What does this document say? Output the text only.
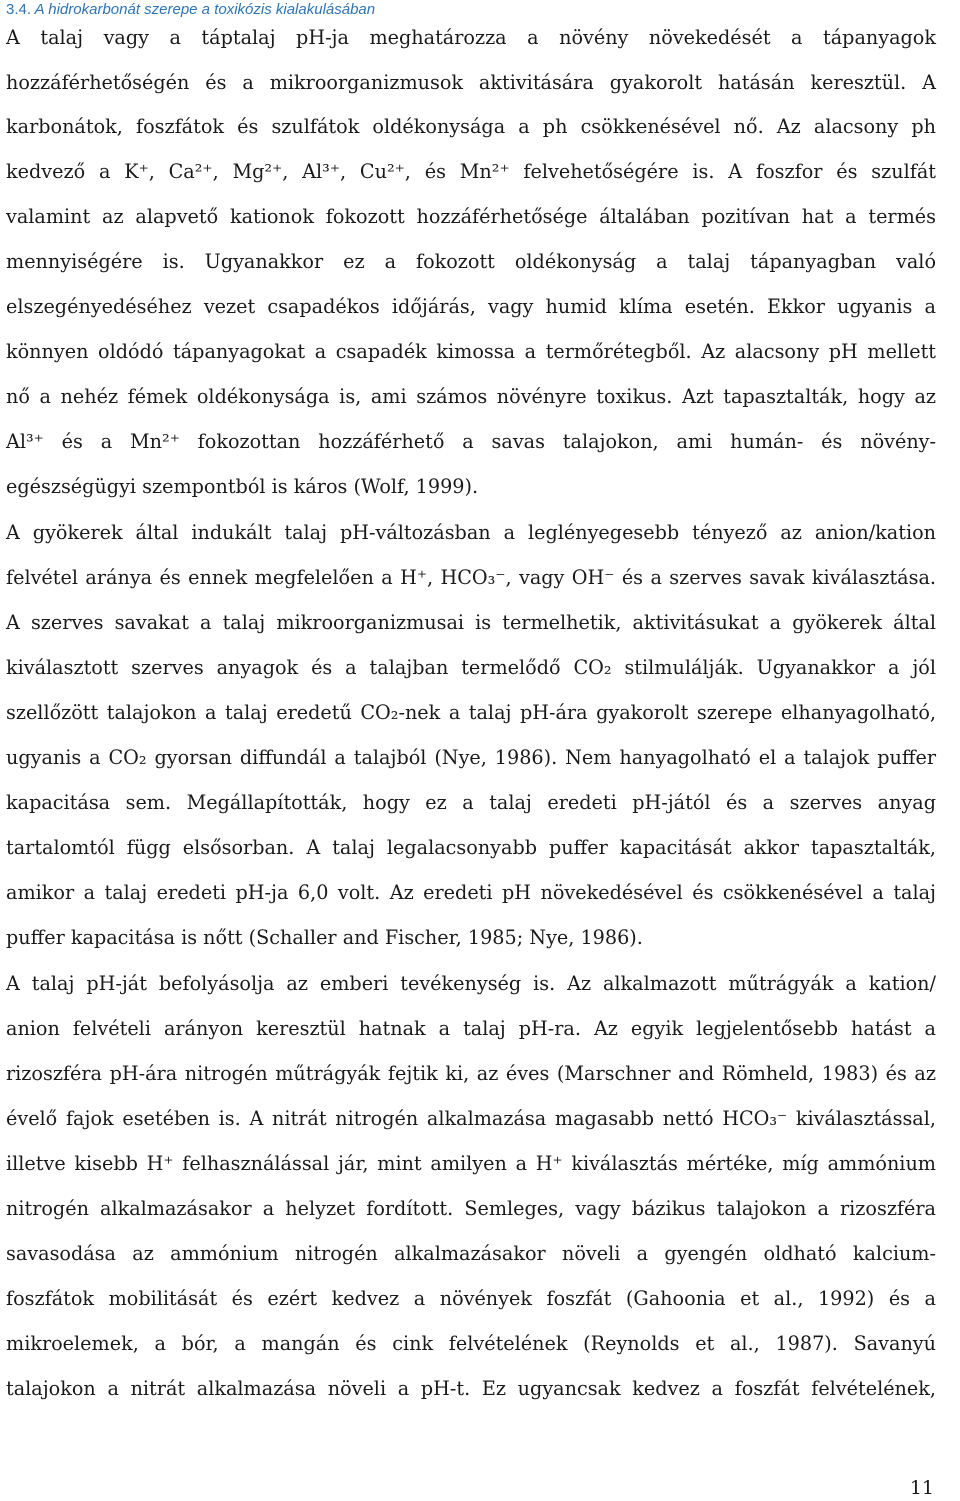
3.4. A hidrokarbonát szerepe a toxikózis kialakulásában
A talaj vagy a táptalaj pH-ja meghatározza a növény növekedését a tápanyagok
hozzáférhetőségén és a mikroorganizmusok aktivitására gyakorolt hatásán keresztül. A
karbonátok, foszfátok és szulfátok oldékonysága a ph csökkenésével nő. Az alacsony ph
kedvező a K⁺, Ca²⁺, Mg²⁺, Al³⁺, Cu²⁺, és Mn²⁺ felvehetőségére is. A foszfor és szulfát
valamint az alapvető kationok fokozott hozzáférhetősége általában pozitívan hat a termés
mennyiségére is. Ugyanakkor ez a fokozott oldékonyság a talaj tápanyagban való
elszegényedéséhez vezet csapadékos időjárás, vagy humid klíma esetén. Ekkor ugyanis a
könnyen oldódó tápanyagokat a csapadék kimossa a termőrétegből. Az alacsony pH mellett
nő a nehéz fémek oldékonysága is, ami számos növényre toxikus. Azt tapasztalták, hogy az
Al³⁺ és a Mn²⁺ fokozottan hozzáférhető a savas talajokon, ami humán- és növény-
egészségügyi szempontból is káros (Wolf, 1999).
A gyökerek által indukált talaj pH-változásban a leglényegesebb tényező az anion/kation
felvétel aránya és ennek megfelelően a H⁺, HCO₃⁻, vagy OH⁻ és a szerves savak kiválasztása.
A szerves savakat a talaj mikroorganizmusai is termelhetik, aktivitásukat a gyökerek által
kiválasztott szerves anyagok és a talajban termelődő CO₂ stilmulálják. Ugyanakkor a jól
szellőzött talajokon a talaj eredetű CO₂-nek a talaj pH-ára gyakorolt szerepe elhanyagolható,
ugyanis a CO₂ gyorsan diffundál a talajból (Nye, 1986). Nem hanyagolható el a talajok puffer
kapacitása sem. Megállapították, hogy ez a talaj eredeti pH-jától és a szerves anyag
tartalomtól függ elsősorban. A talaj legalacsonyabb puffer kapacitását akkor tapasztalták,
amikor a talaj eredeti pH-ja 6,0 volt. Az eredeti pH növekedésével és csökkenésével a talaj
puffer kapacitása is nőtt (Schaller and Fischer, 1985; Nye, 1986).
A talaj pH-ját befolyásolja az emberi tevékenység is. Az alkalmazott műtrágyák a kation/
anion felvételi arányon keresztül hatnak a talaj pH-ra. Az egyik legjelentősebb hatást a
rizoszféra pH-ára nitrogén műtrágyák fejtik ki, az éves (Marschner and Römheld, 1983) és az
évelő fajok esetében is. A nitrát nitrogén alkalmazása magasabb nettó HCO₃⁻ kiválasztással,
illetve kisebb H⁺ felhasználással jár, mint amilyen a H⁺ kiválasztás mértéke, míg ammónium
nitrogén alkalmazásakor a helyzet fordított. Semleges, vagy bázikus talajokon a rizoszféra
savasodása az ammónium nitrogén alkalmazásakor növeli a gyengén oldható kalcium-
foszfátok mobilitását és ezért kedvez a növények foszfát (Gahoonia et al., 1992) és a
mikroelemek, a bór, a mangán és cink felvételének (Reynolds et al., 1987). Savanyú
talajokon a nitrát alkalmazása növeli a pH-t. Ez ugyancsak kedvez a foszfát felvételének,
11
